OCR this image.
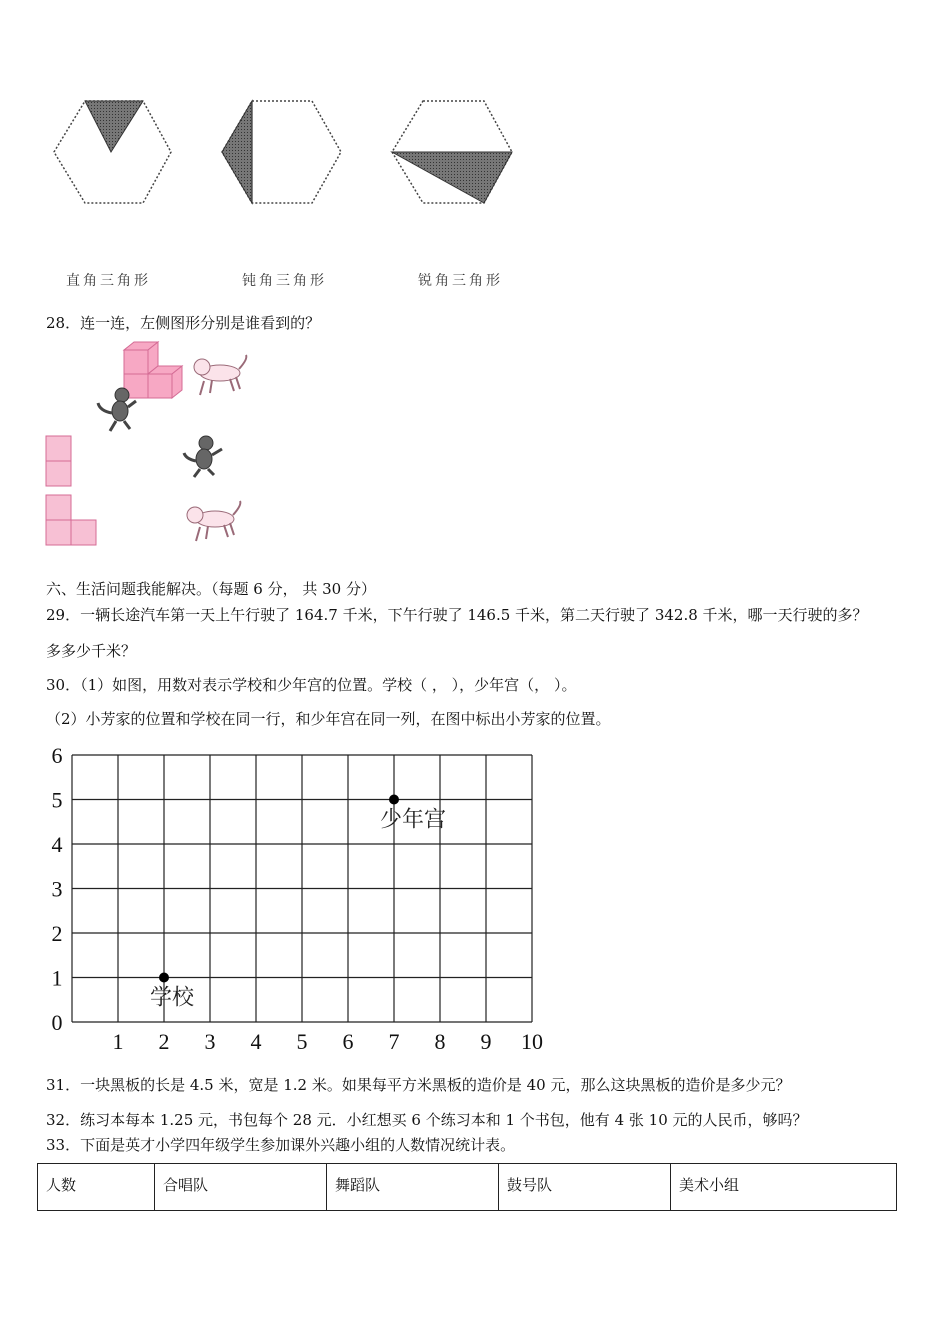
直角三角形	钝角三角形	锐角三角形
28．连一连，左侧图形分别是谁看到的？
六、生活问题我能解决。（每题 6 分， 共 30 分）
29．一辆长途汽车第一天上午行驶了 164.7 千米，下午行驶了 146.5 千米，第二天行驶了 342.8 千米，哪一天行驶的多？
多多少千米？
30．（1）如图，用数对表示学校和少年宫的位置。学校（ ， ），少年宫（， ）。
（2）小芳家的位置和学校在同一行，和少年宫在同一列，在图中标出小芳家的位置。
1 2 3 4 5 6 7 8 9 10
0
1
2
3
4
5
6
学校
少年宫
31．一块黑板的长是 4.5 米，宽是 1.2 米。如果每平方米黑板的造价是 40 元，那么这块黑板的造价是多少元？
32．练习本每本 1.25 元，书包每个 28 元．小红想买 6 个练习本和 1 个书包，他有 4 张 10 元的人民币，够吗？
33．下面是英才小学四年级学生参加课外兴趣小组的人数情况统计表。
人数	合唱队	舞蹈队	鼓号队	美术小组
